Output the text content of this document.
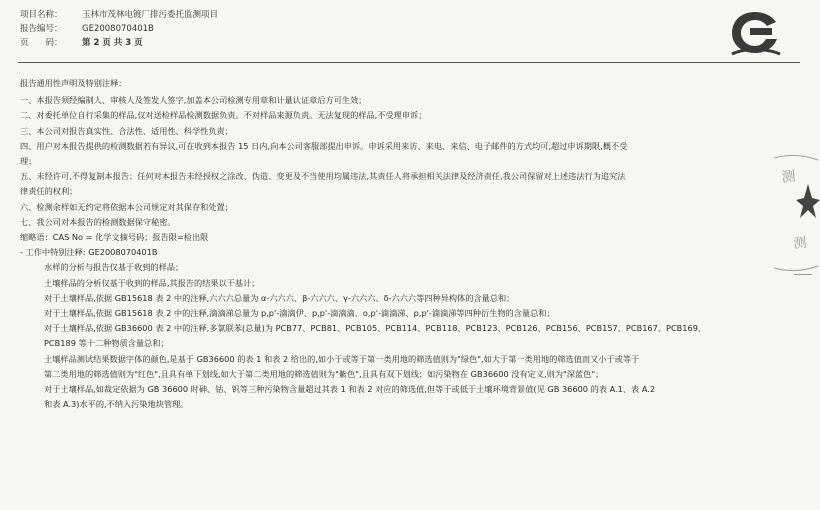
项目名称： 玉林市茂林电镀厂排污委托监测项目
报告编号： GE2008070401B
页　　码： 第 2 页 共 3 页
测
测

报告通用性声明及特别注释：

一、本报告须经编制人、审核人及签发人签字,加盖本公司检测专用章和计量认证章后方可生效；

二、对委托单位自行采集的样品,仅对送检样品检测数据负责。不对样品来源负责。无法复现的样品,不受理申诉；

三、本公司对报告真实性、合法性、适用性、科学性负责；

四、用户对本报告提供的检测数据若有异议,可在收到本报告 15 日内,向本公司客服部提出申诉。申诉采用来访、来电、来信、电子邮件的方式均可,超过申诉期限,概不受

理；

五、未经许可,不得复制本报告；任何对本报告未经授权之涂改、伪造、变更及不当使用均属违法,其责任人将承担相关法律及经济责任,我公司保留对上述违法行为追究法

律责任的权利；

六、检测余样如无约定将依据本公司规定对其保存和处置；

七、我公司对本报告的检测数据保守秘密。

缩略语：CAS No = 化学文摘号码；报告限=检出限

- 工作中特别注释: GE2008070401B

水样的分析与报告仅基于收到的样品；

土壤样品的分析仅基于收到的样品,其报告的结果以干基计；

对于土壤样品,依据 GB15618 表 2 中的注释,六六六总量为 α-六六六、β-六六六、γ-六六六、δ-六六六等四种异构体的含量总和；

对于土壤样品,依据 GB15618 表 2 中的注释,滴滴涕总量为 p,p'-滴滴伊、p,p'-滴滴滴、o,p'-滴滴涕、p,p'-滴滴涕等四种衍生物的含量总和；

对于土壤样品,依据 GB36600 表 2 中的注释,多氯联苯(总量)为 PCB77、PCB81、PCB105、PCB114、PCB118、PCB123、PCB126、PCB156、PCB157、PCB167、PCB169、

PCB189 等十二种物质含量总和；

土壤样品测试结果数据字体的颜色,是基于 GB36600 的表 1 和表 2 给出的,如小于或等于第一类用地的筛选值则为"绿色",如大于第一类用地的筛选值而又小于或等于

第二类用地的筛选值则为"红色",且具有单下划线,如大于第二类用地的筛选值则为"紫色",且具有双下划线；如污染物在 GB36600 没有定义,则为"深蓝色"；

对于土壤样品,如裁定依据为 GB 36600 时砷、钴、钒等三种污染物含量超过其表 1 和表 2 对应的筛选值,但等于或低于土壤环境背景值(见 GB 36600 的表 A.1、表 A.2

和表 A.3)水平的,不纳入污染地块管理。
